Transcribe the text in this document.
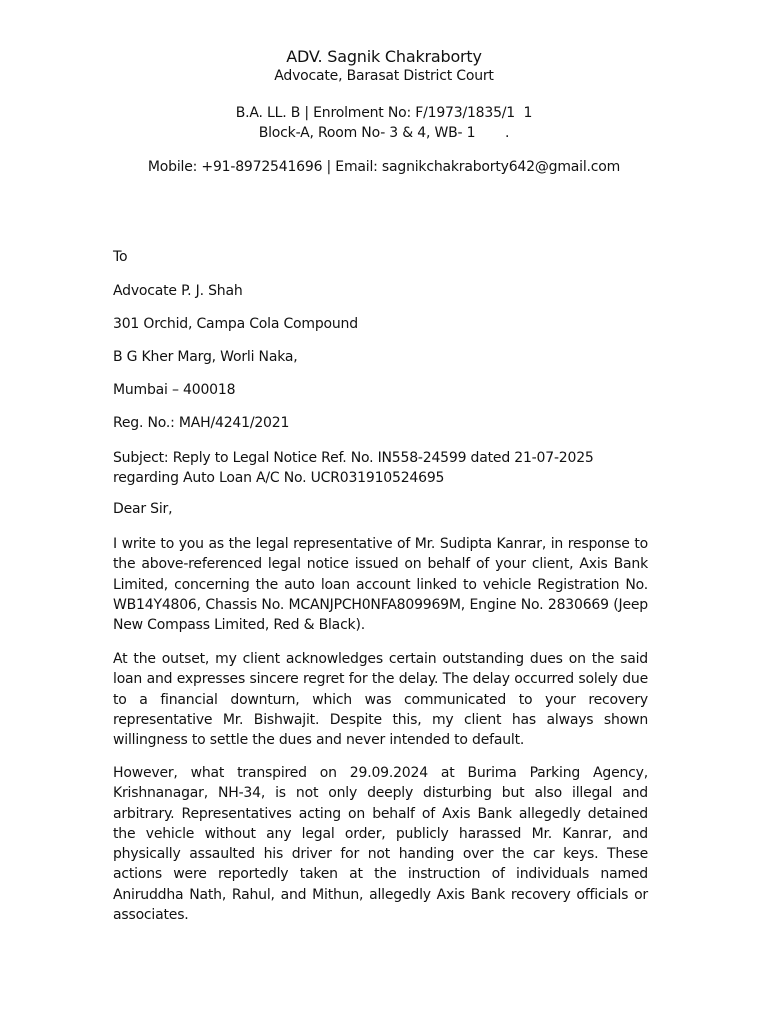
ADV. Sagnik Chakraborty
Advocate, Barasat District Court
B.A. LL. B | Enrolment No: F/1973/1835/1  1
Block-A, Room No- 3 & 4, WB- 1       .
Mobile: +91-8972541696 | Email: sagnikchakraborty642@gmail.com
To
Advocate P. J. Shah
301 Orchid, Campa Cola Compound
B G Kher Marg, Worli Naka,
Mumbai – 400018
Reg. No.: MAH/4241/2021
Subject: Reply to Legal Notice Ref. No. IN558-24599 dated 21-07-2025 regarding Auto Loan A/C No. UCR03191052469​5
Dear Sir,
I write to you as the legal representative of Mr. Sudipta Kanrar, in response to the above-referenced legal notice issued on behalf of your client, Axis Bank Limited, concerning the auto loan account linked to vehicle Registration No. WB14Y4806, Chassis No. MCANJPCH0NFA809969M, Engine No. 2830669 (Jeep New Compass Limited, Red & Black).
At the outset, my client acknowledges certain outstanding dues on the said loan and expresses sincere regret for the delay. The delay occurred solely due to a financial downturn, which was communicated to your recovery representative Mr. Bishwajit. Despite this, my client has always shown willingness to settle the dues and never intended to default.
However, what transpired on 29.09.2024 at Burima Parking Agency, Krishnanagar, NH-34, is not only deeply disturbing but also illegal and arbitrary. Representatives acting on behalf of Axis Bank allegedly detained the vehicle without any legal order, publicly harassed Mr. Kanrar, and physically assaulted his driver for not handing over the car keys. These actions were reportedly taken at the instruction of individuals named Aniruddha Nath, Rahul, and Mithun, allegedly Axis Bank recovery officials or associates.
